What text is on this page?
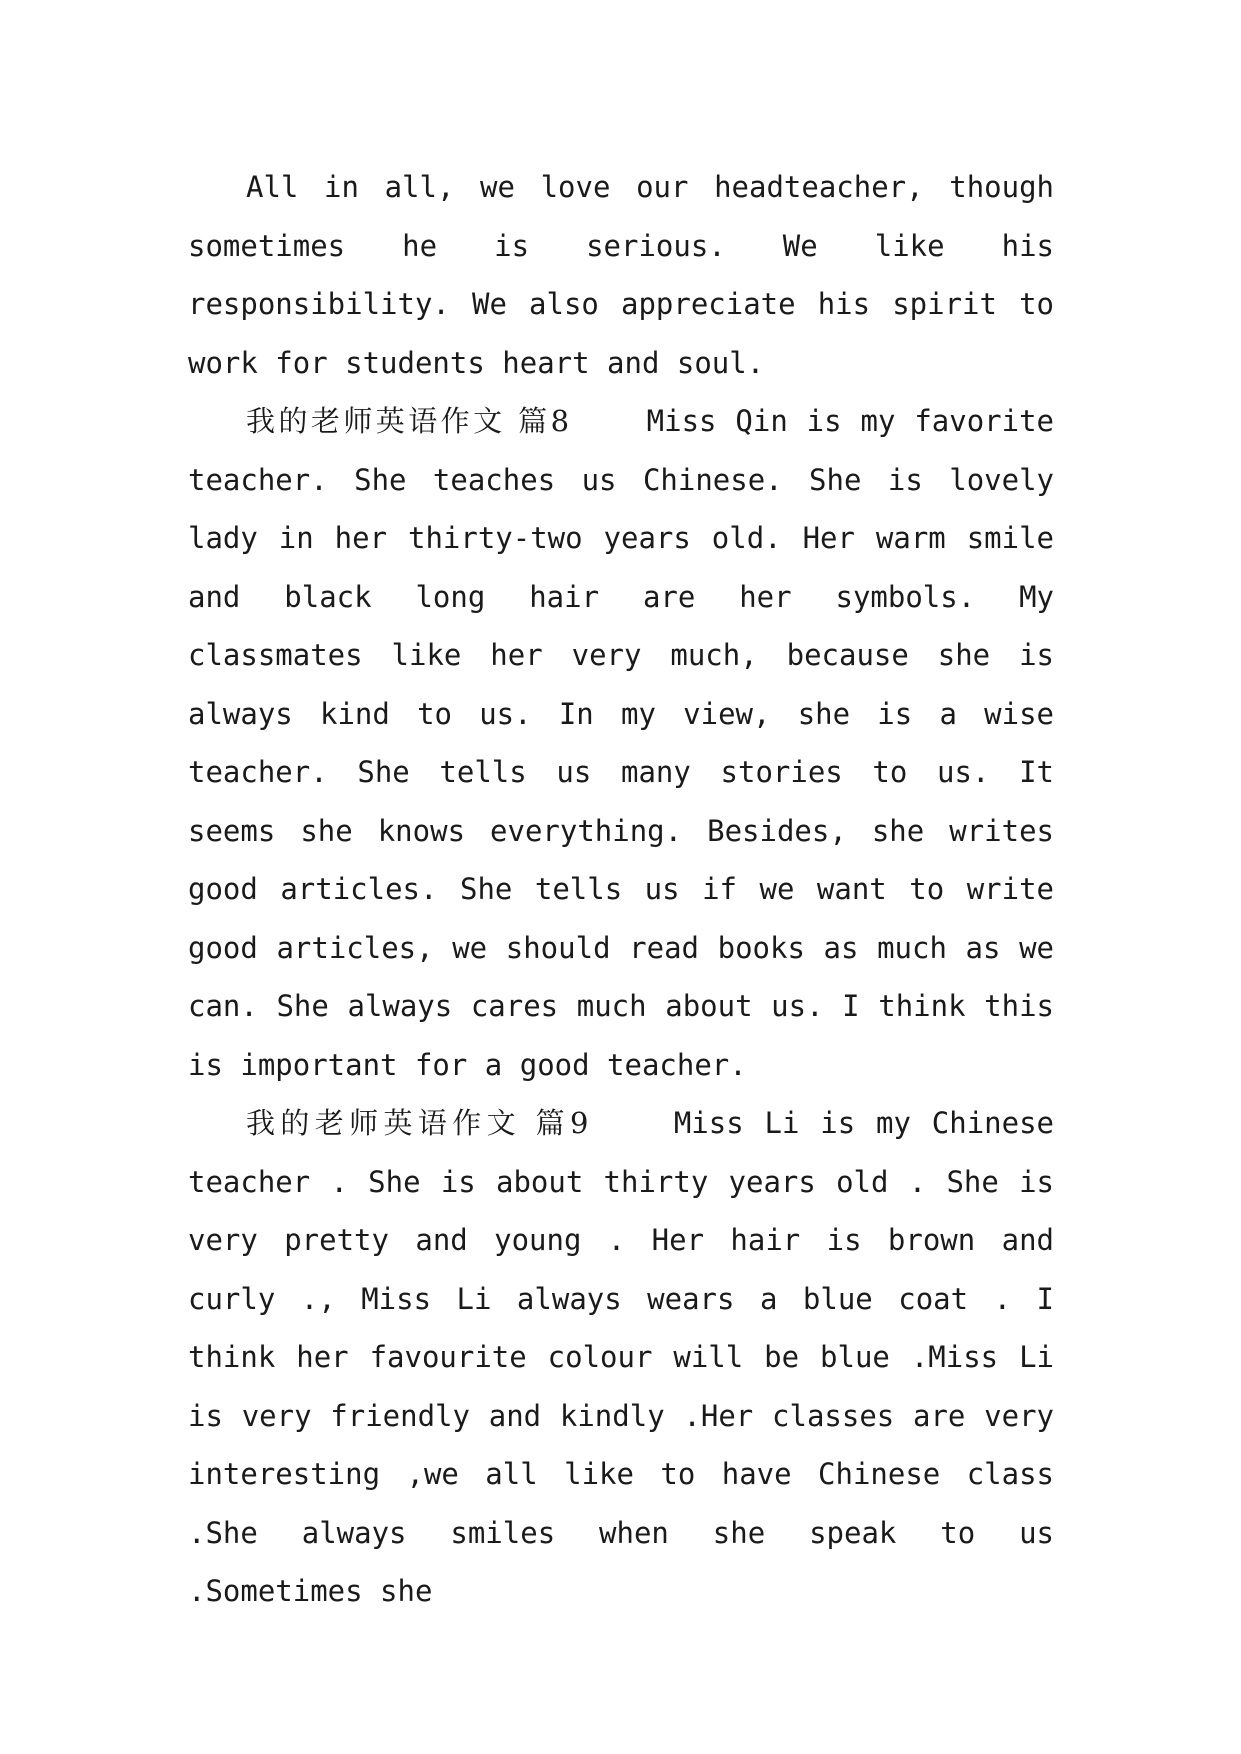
All in all, we love our headteacher, though sometimes he is serious. We like his responsibility. We also appreciate his spirit to work for students heart and soul.

我的老师英语作文 篇8	Miss Qin is my favorite teacher. She teaches us Chinese. She is lovely lady in her thirty-two years old. Her warm smile and black long hair are her symbols. My classmates like her very much, because she is always kind to us. In my view, she is a wise teacher. She tells us many stories to us. It seems she knows everything. Besides, she writes good articles. She tells us if we want to write good articles, we should read books as much as we can. She always cares much about us. I think this is important for a good teacher.

我的老师英语作文 篇9	Miss Li is my Chinese teacher . She is about thirty years old . She is very pretty and young . Her hair is brown and curly ., Miss Li always wears a blue coat . I think her favourite colour will be blue .Miss Li is very friendly and kindly .Her classes are very interesting ,we all like to have Chinese class .She always smiles when she speak to us .Sometimes she
